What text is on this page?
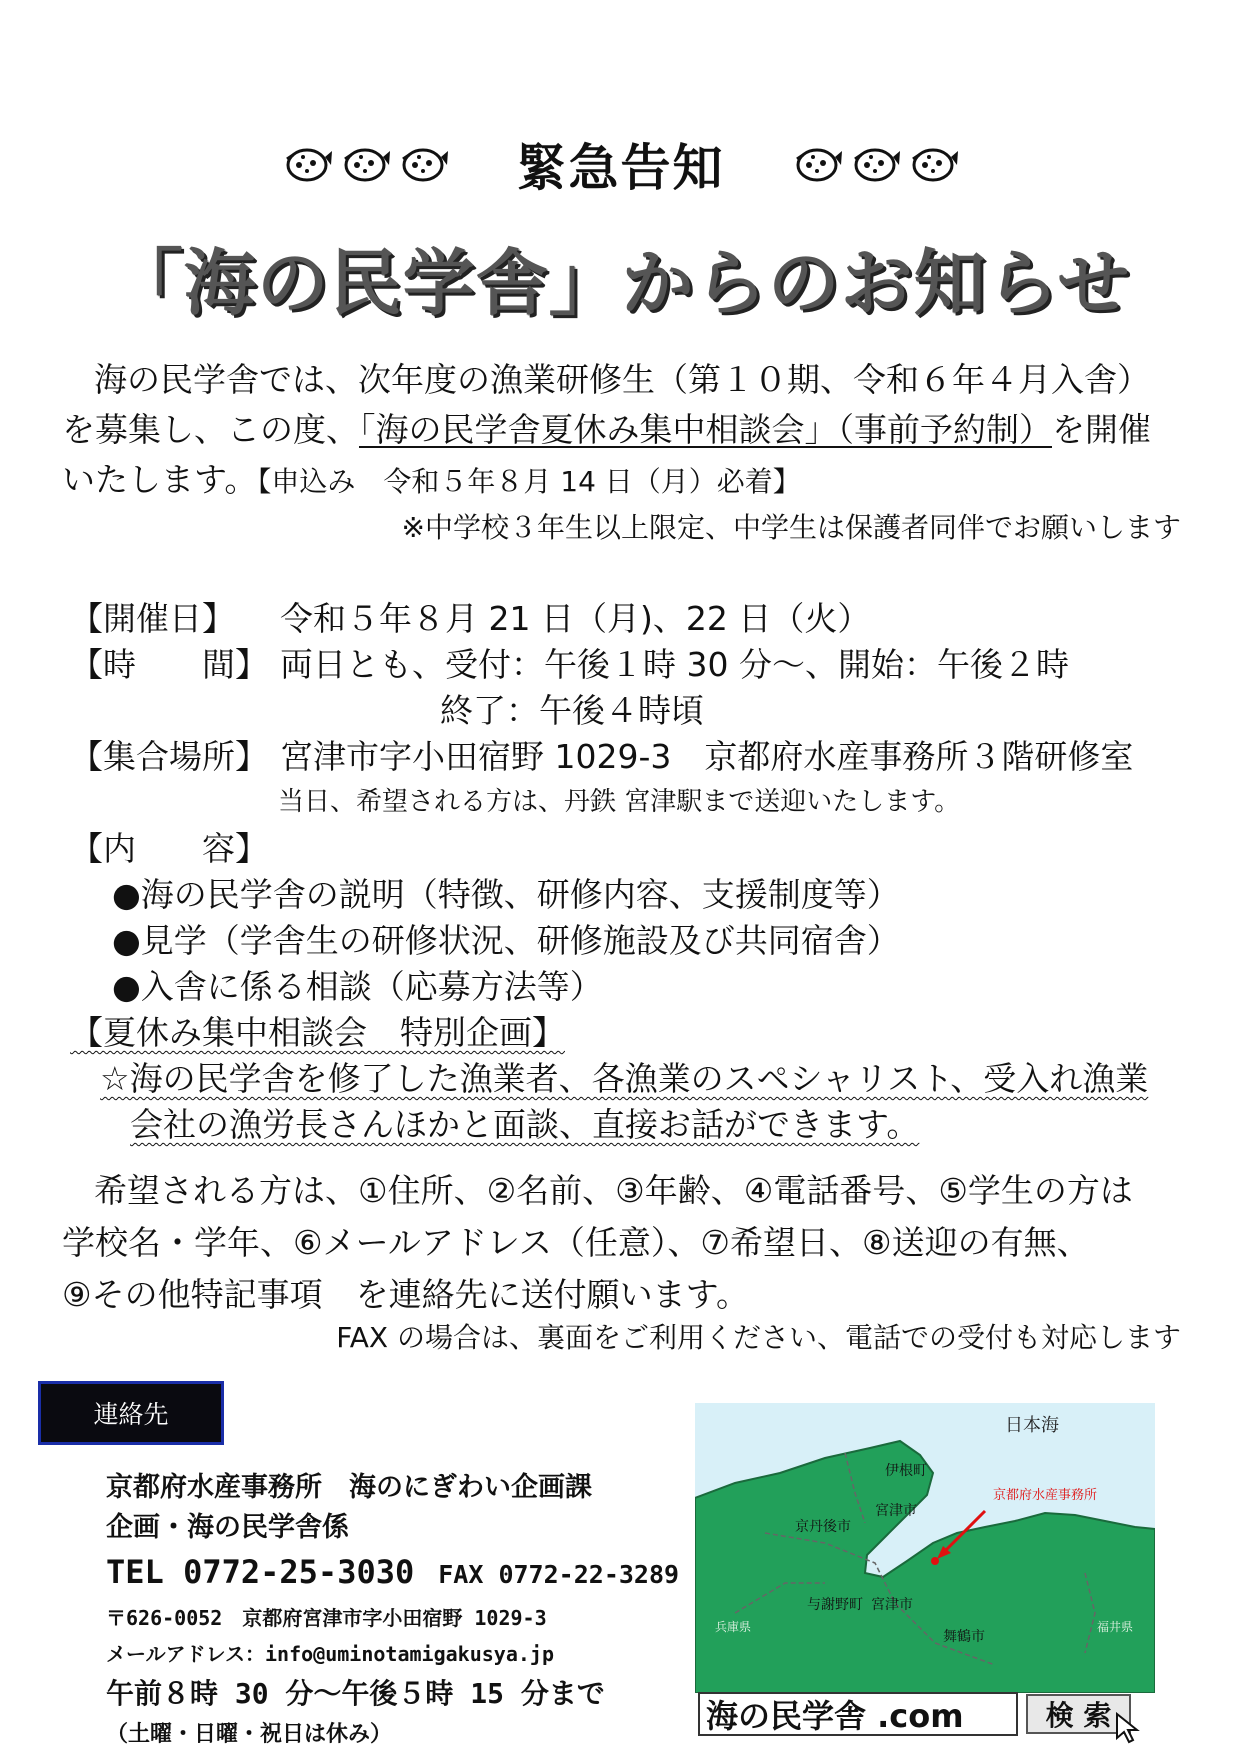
緊急告知
「海の民学舎」からのお知らせ
海の民学舎では、次年度の漁業研修生（第１０期、令和６年４月入舎）
を募集し、この度、「海の民学舎夏休み集中相談会」（事前予約制）を開催
いたします。【申込み　令和５年８月 14 日（月）必着】
※中学校３年生以上限定、中学生は保護者同伴でお願いします
【開催日】 令和５年８月 21 日（月)、22 日（火）
【時　　間】 両日とも、受付：午後１時 30 分～、開始：午後２時
終了：午後４時頃
【集合場所】 宮津市字小田宿野 1029-3　京都府水産事務所３階研修室
当日、希望される方は、丹鉄 宮津駅まで送迎いたします。
【内　　容】
●海の民学舎の説明（特徴、研修内容、支援制度等）
●見学（学舎生の研修状況、研修施設及び共同宿舎）
●入舎に係る相談（応募方法等）
【夏休み集中相談会　特別企画】
☆海の民学舎を修了した漁業者、各漁業のスペシャリスト、受入れ漁業
会社の漁労長さんほかと面談、直接お話ができます。
希望される方は、①住所、②名前、③年齢、④電話番号、⑤学生の方は
学校名・学年、⑥メールアドレス（任意）、⑦希望日、⑧送迎の有無、
⑨その他特記事項　を連絡先に送付願います。
FAX の場合は、裏面をご利用ください、電話での受付も対応します
連絡先
京都府水産事務所　海のにぎわい企画課
企画・海の民学舎係
TEL 0772-25-3030 FAX 0772-22-3289
〒626-0052　京都府宮津市字小田宿野 1029-3
メールアドレス：info@uminotamigakusya.jp
午前８時 30 分～午後５時 15 分まで
（土曜・日曜・祝日は休み）
日本海
京都府水産事務所
伊根町
京丹後市
宮津市
与謝野町 宮津市
舞鶴市
兵庫県	福井県
海の民学舎 .com	検 索
